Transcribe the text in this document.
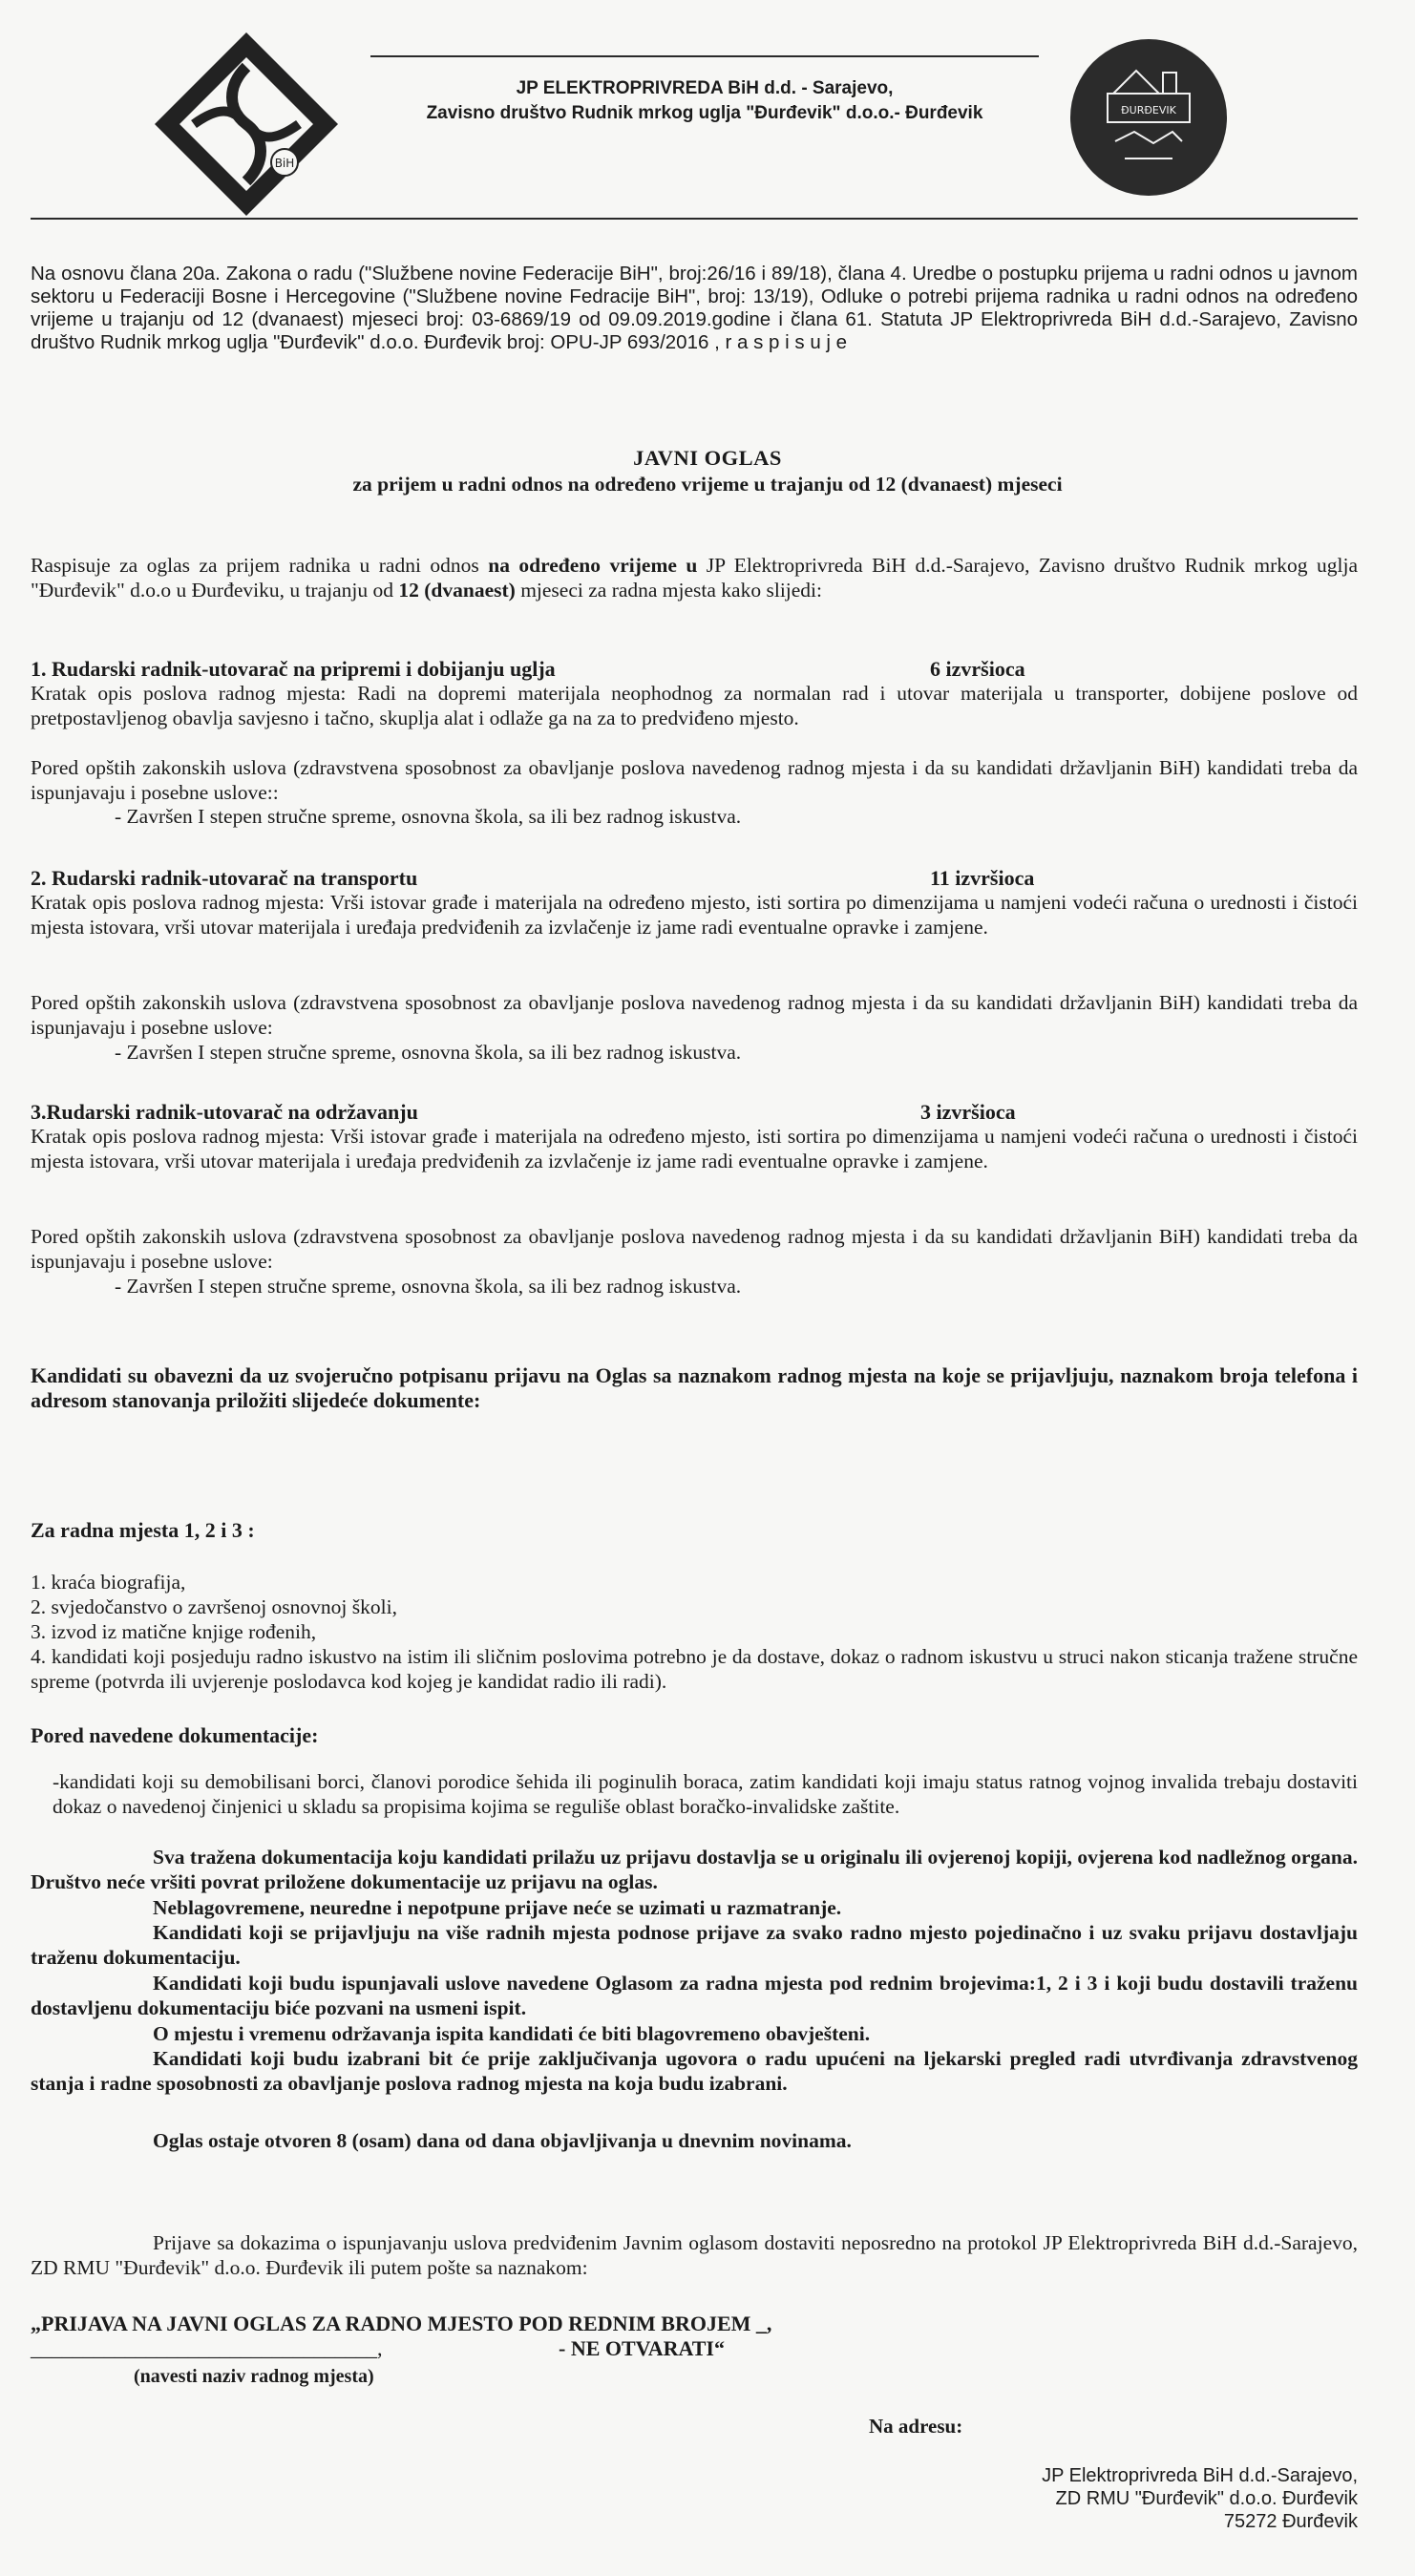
BiH
JP ELEKTROPRIVREDA BiH d.d. - Sarajevo,
Zavisno društvo Rudnik mrkog uglja "Đurđevik" d.o.o.- Đurđevik	ĐURĐEVIK
Na osnovu člana 20a. Zakona o radu ("Službene novine Federacije BiH", broj:26/16 i 89/18), člana 4. Uredbe o postupku prijema u radni odnos u javnom sektoru u Federaciji Bosne i Hercegovine ("Službene novine Fedracije BiH", broj: 13/19), Odluke o potrebi prijema radnika u radni odnos na određeno vrijeme u trajanju od 12 (dvanaest) mjeseci broj: 03-6869/19 od 09.09.2019.godine i člana 61. Statuta JP Elektroprivreda BiH d.d.-Sarajevo, Zavisno društvo Rudnik mrkog uglja "Đurđevik" d.o.o. Đurđevik broj: OPU-JP 693/2016 , r a s p i s u j e
JAVNI OGLAS
za prijem u radni odnos na određeno vrijeme u trajanju od 12 (dvanaest) mjeseci
Raspisuje za oglas za prijem radnika u radni odnos na određeno vrijeme u JP Elektroprivreda BiH d.d.-Sarajevo, Zavisno društvo Rudnik mrkog uglja "Đurđevik" d.o.o u Đurđeviku, u trajanju od 12 (dvanaest) mjeseci za radna mjesta kako slijedi:
1. Rudarski radnik-utovarač na pripremi i dobijanju uglja	6 izvršioca
Kratak opis poslova radnog mjesta: Radi na dopremi materijala neophodnog za normalan rad i utovar materijala u transporter, dobijene poslove od pretpostavljenog obavlja savjesno i tačno, skuplja alat i odlaže ga na za to predviđeno mjesto.
Pored opštih zakonskih uslova (zdravstvena sposobnost za obavljanje poslova navedenog radnog mjesta i da su kandidati državljanin BiH) kandidati treba da ispunjavaju i posebne uslove::
- Završen I stepen stručne spreme, osnovna škola, sa ili bez radnog iskustva.
2. Rudarski radnik-utovarač na transportu	11 izvršioca
Kratak opis poslova radnog mjesta: Vrši istovar građe i materijala na određeno mjesto, isti sortira po dimenzijama u namjeni vodeći računa o urednosti i čistoći mjesta istovara, vrši utovar materijala i uređaja predviđenih za izvlačenje iz jame radi eventualne opravke i zamjene.
Pored opštih zakonskih uslova (zdravstvena sposobnost za obavljanje poslova navedenog radnog mjesta i da su kandidati državljanin BiH) kandidati treba da ispunjavaju i posebne uslove:
- Završen I stepen stručne spreme, osnovna škola, sa ili bez radnog iskustva.
3.Rudarski radnik-utovarač na održavanju	3 izvršioca
Kratak opis poslova radnog mjesta: Vrši istovar građe i materijala na određeno mjesto, isti sortira po dimenzijama u namjeni vodeći računa o urednosti i čistoći mjesta istovara, vrši utovar materijala i uređaja predviđenih za izvlačenje iz jame radi eventualne opravke i zamjene.
Pored opštih zakonskih uslova (zdravstvena sposobnost za obavljanje poslova navedenog radnog mjesta i da su kandidati državljanin BiH) kandidati treba da ispunjavaju i posebne uslove:
- Završen I stepen stručne spreme, osnovna škola, sa ili bez radnog iskustva.
Kandidati su obavezni da uz svojeručno potpisanu prijavu na Oglas sa naznakom radnog mjesta na koje se prijavljuju, naznakom broja telefona i adresom stanovanja priložiti slijedeće dokumente:
Za radna mjesta 1, 2 i 3 :
1. kraća biografija,
2. svjedočanstvo o završenoj osnovnoj školi,
3. izvod iz matične knjige rođenih,
4. kandidati koji posjeduju radno iskustvo na istim ili sličnim poslovima potrebno je da dostave, dokaz o radnom iskustvu u struci nakon sticanja tražene stručne spreme (potvrda ili uvjerenje poslodavca kod kojeg je kandidat radio ili radi).
Pored navedene dokumentacije:
-kandidati koji su demobilisani borci, članovi porodice šehida ili poginulih boraca, zatim kandidati koji imaju status ratnog vojnog invalida trebaju dostaviti dokaz o navedenoj činjenici u skladu sa propisima kojima se reguliše oblast boračko-invalidske zaštite.
Sva tražena dokumentacija koju kandidati prilažu uz prijavu dostavlja se u originalu ili ovjerenoj kopiji, ovjerena kod nadležnog organa. Društvo neće vršiti povrat priložene dokumentacije uz prijavu na oglas.
Neblagovremene, neuredne i nepotpune prijave neće se uzimati u razmatranje.
Kandidati koji se prijavljuju na više radnih mjesta podnose prijave za svako radno mjesto pojedinačno i uz svaku prijavu dostavljaju traženu dokumentaciju.
Kandidati koji budu ispunjavali uslove navedene Oglasom za radna mjesta pod rednim brojevima:1, 2 i 3 i koji budu dostavili traženu dostavljenu dokumentaciju biće pozvani na usmeni ispit.
O mjestu i vremenu održavanja ispita kandidati će biti blagovremeno obavješteni.
Kandidati koji budu izabrani bit će prije zaključivanja ugovora o radu upućeni na ljekarski pregled radi utvrđivanja zdravstvenog stanja i radne sposobnosti za obavljanje poslova radnog mjesta na koja budu izabrani.
Oglas ostaje otvoren 8 (osam) dana od dana objavljivanja u dnevnim novinama.
Prijave sa dokazima o ispunjavanju uslova predviđenim Javnim oglasom dostaviti neposredno na protokol JP Elektroprivreda BiH d.d.-Sarajevo, ZD RMU "Đurđevik" d.o.o. Đurđevik ili putem pošte sa naznakom:
„PRIJAVA NA JAVNI OGLAS ZA RADNO MJESTO POD REDNIM BROJEM _,
_________________________________,	- NE OTVARATI“
(navesti naziv radnog mjesta)
Na adresu:
JP Elektroprivreda BiH d.d.-Sarajevo,
ZD RMU "Đurđevik" d.o.o. Đurđevik
75272 Đurđevik
